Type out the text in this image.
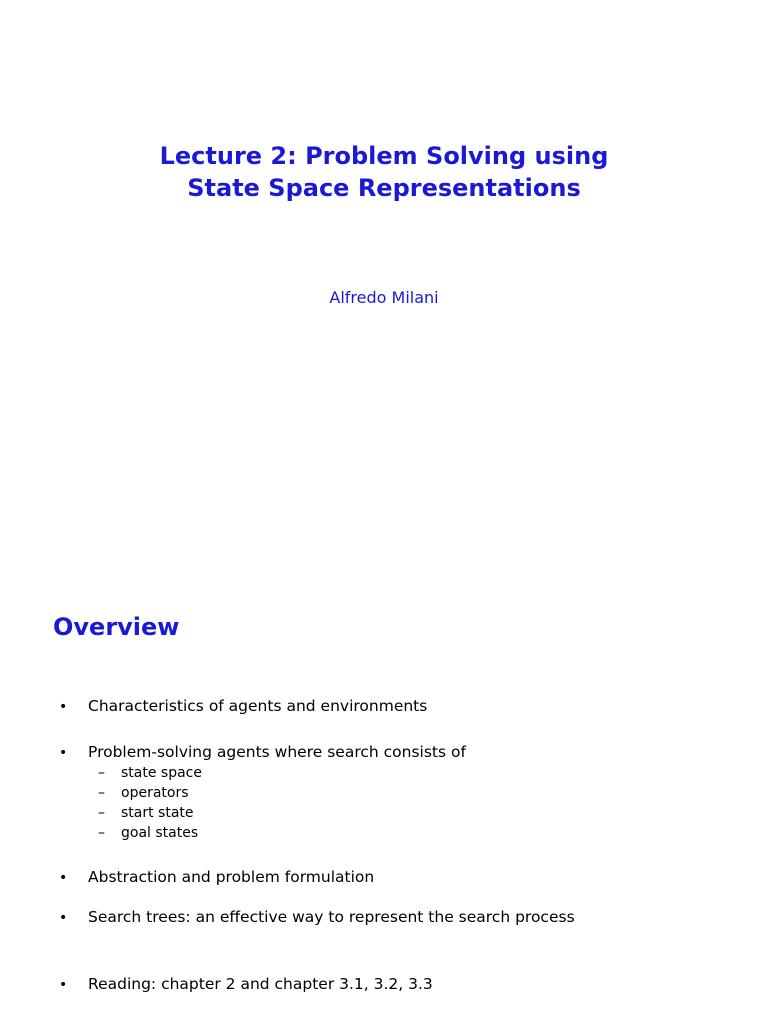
Lecture 2: Problem Solving using
State Space Representations
Alfredo Milani
Overview
• Characteristics of agents and environments
• Problem-solving agents where search consists of
– state space
– operators
– start state
– goal states
• Abstraction and problem formulation
• Search trees: an effective way to represent the search process
• Reading: chapter 2 and chapter 3.1, 3.2, 3.3
